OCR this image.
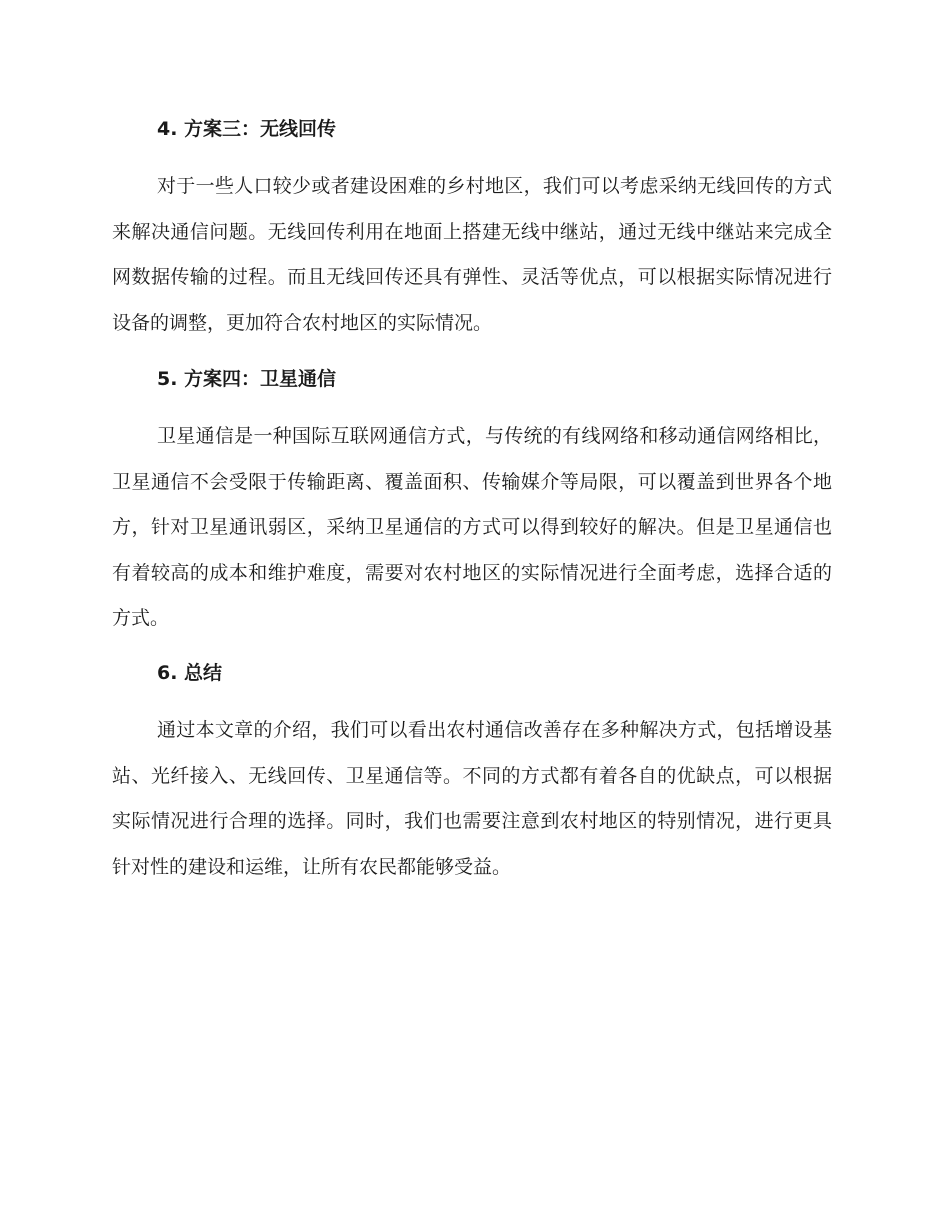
4. 方案三：无线回传
对于一些人口较少或者建设困难的乡村地区，我们可以考虑采纳无线回传的方式来解决通信问题。无线回传利用在地面上搭建无线中继站，通过无线中继站来完成全网数据传输的过程。而且无线回传还具有弹性、灵活等优点，可以根据实际情况进行设备的调整，更加符合农村地区的实际情况。
5. 方案四：卫星通信
卫星通信是一种国际互联网通信方式，与传统的有线网络和移动通信网络相比，卫星通信不会受限于传输距离、覆盖面积、传输媒介等局限，可以覆盖到世界各个地方，针对卫星通讯弱区，采纳卫星通信的方式可以得到较好的解决。但是卫星通信也有着较高的成本和维护难度，需要对农村地区的实际情况进行全面考虑，选择合适的方式。
6. 总结
通过本文章的介绍，我们可以看出农村通信改善存在多种解决方式，包括增设基站、光纤接入、无线回传、卫星通信等。不同的方式都有着各自的优缺点，可以根据实际情况进行合理的选择。同时，我们也需要注意到农村地区的特别情况，进行更具针对性的建设和运维，让所有农民都能够受益。
